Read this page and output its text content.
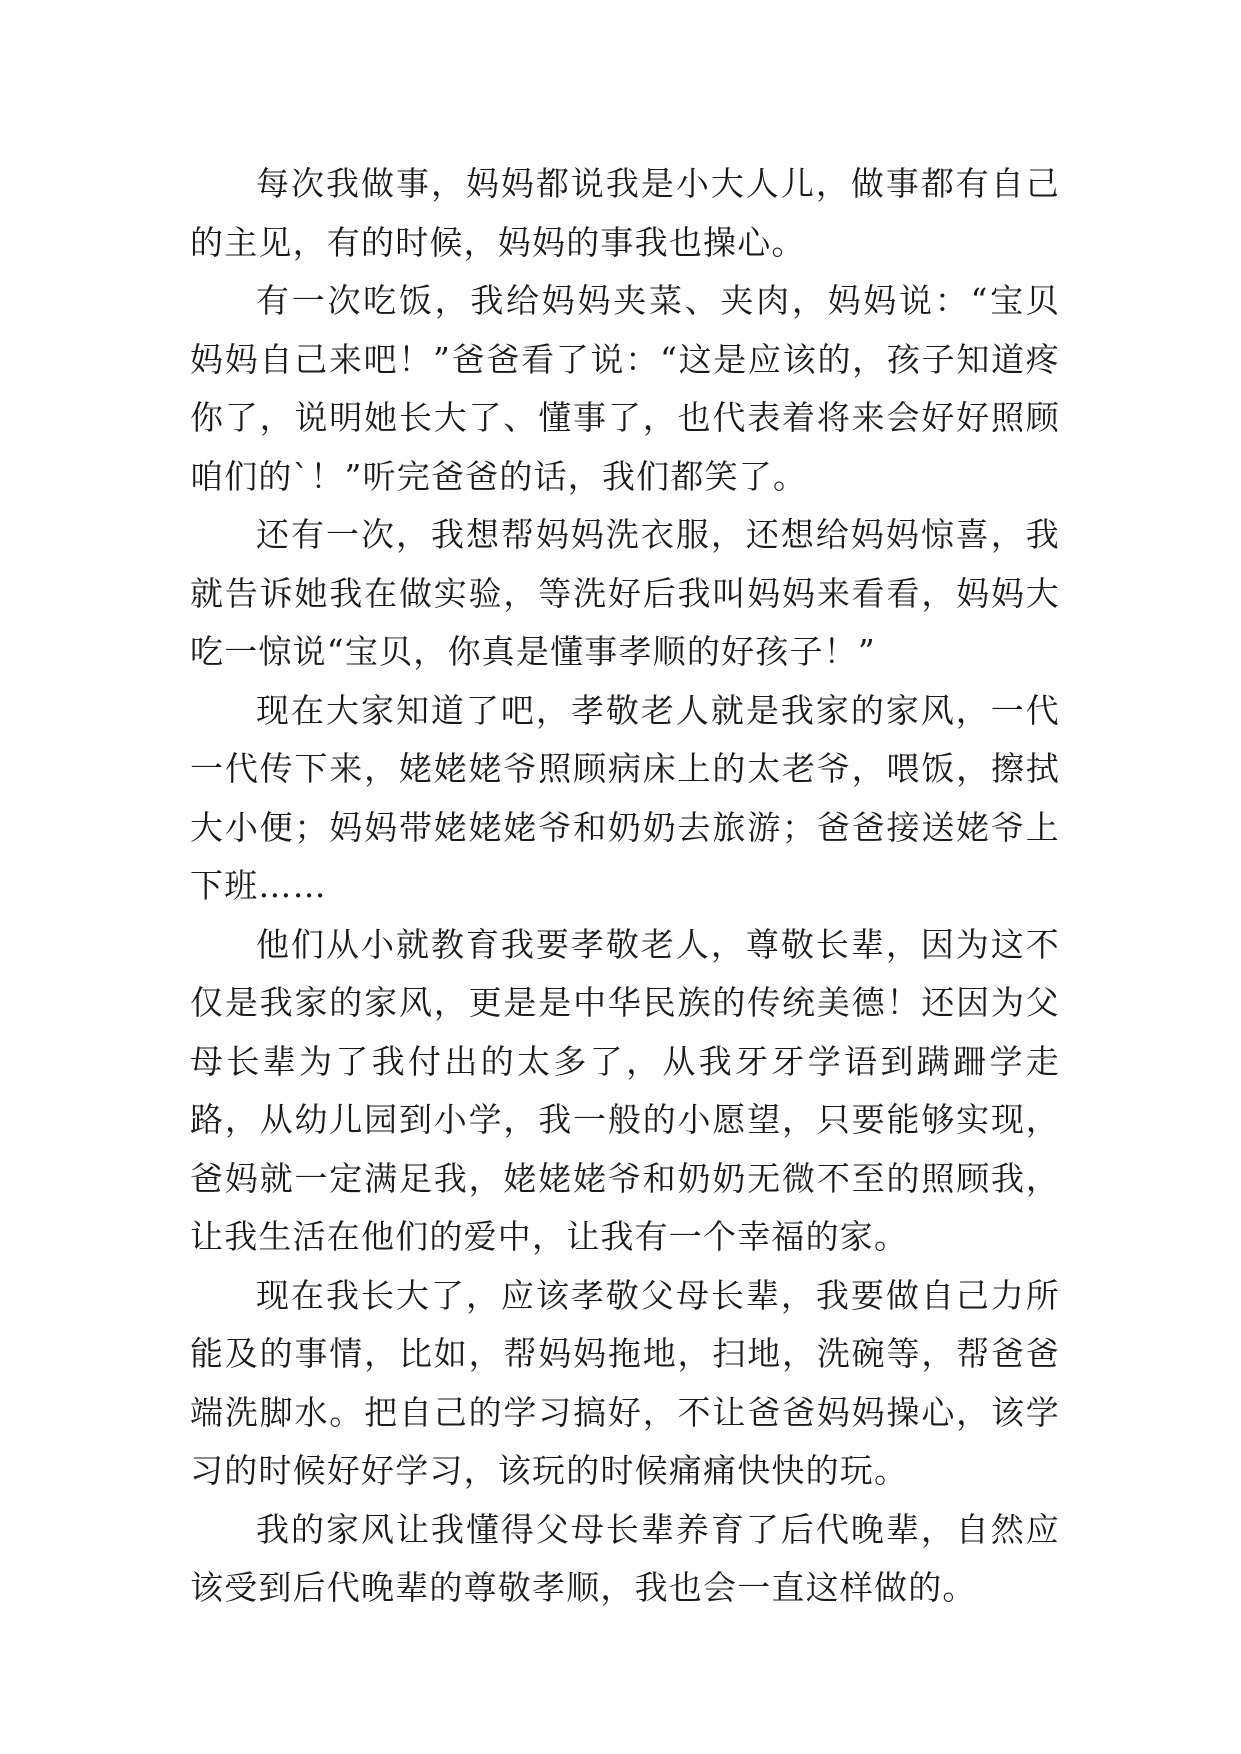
每次我做事，妈妈都说我是小大人儿，做事都有自己的主见，有的时候，妈妈的事我也操心。

有一次吃饭，我给妈妈夹菜、夹肉，妈妈说：“宝贝妈妈自己来吧！”爸爸看了说：“这是应该的，孩子知道疼你了，说明她长大了、懂事了，也代表着将来会好好照顾咱们的`！”听完爸爸的话，我们都笑了。

还有一次，我想帮妈妈洗衣服，还想给妈妈惊喜，我就告诉她我在做实验，等洗好后我叫妈妈来看看，妈妈大吃一惊说“宝贝，你真是懂事孝顺的好孩子！”

现在大家知道了吧，孝敬老人就是我家的家风，一代一代传下来，姥姥姥爷照顾病床上的太老爷，喂饭，擦拭大小便；妈妈带姥姥姥爷和奶奶去旅游；爸爸接送姥爷上下班……

他们从小就教育我要孝敬老人，尊敬长辈，因为这不仅是我家的家风，更是是中华民族的传统美德！还因为父母长辈为了我付出的太多了，从我牙牙学语到蹒跚学走路，从幼儿园到小学，我一般的小愿望，只要能够实现，爸妈就一定满足我，姥姥姥爷和奶奶无微不至的照顾我，让我生活在他们的爱中，让我有一个幸福的家。

现在我长大了，应该孝敬父母长辈，我要做自己力所能及的事情，比如，帮妈妈拖地，扫地，洗碗等，帮爸爸端洗脚水。把自己的学习搞好，不让爸爸妈妈操心，该学习的时候好好学习，该玩的时候痛痛快快的玩。

我的家风让我懂得父母长辈养育了后代晚辈，自然应该受到后代晚辈的尊敬孝顺，我也会一直这样做的。
